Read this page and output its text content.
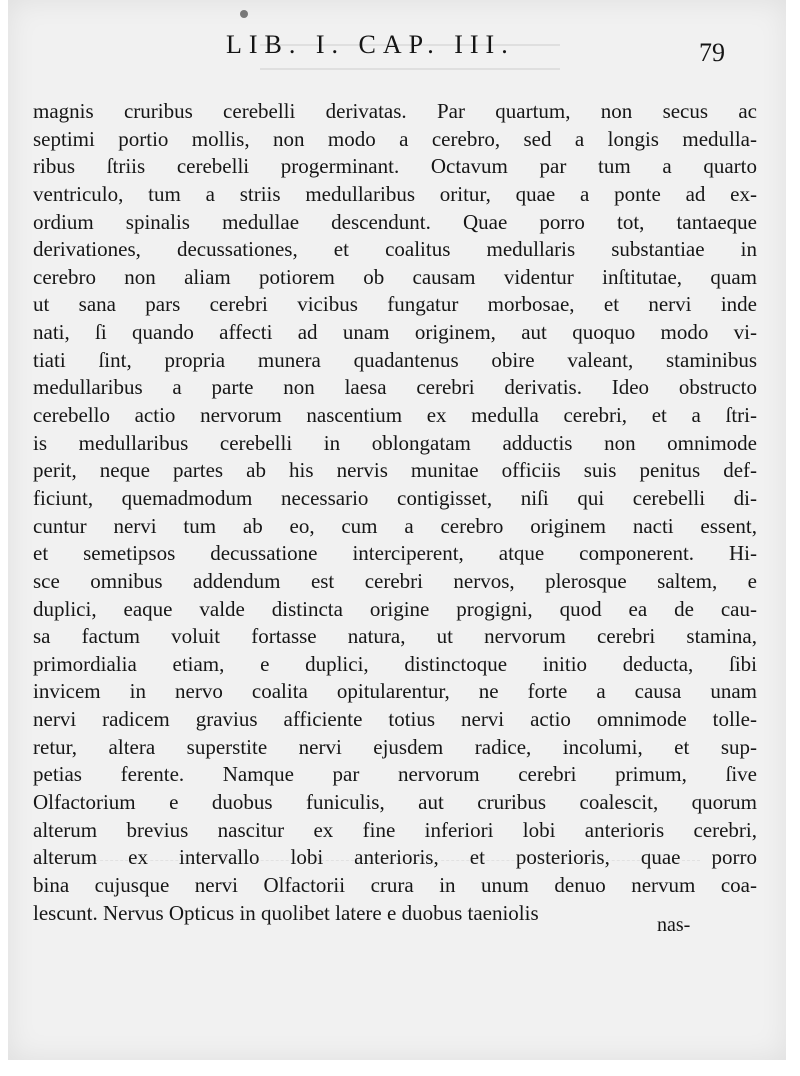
LIB. I. CAP. III.	79
magnis cruribus cerebelli derivatas. Par quartum, non secus ac
septimi portio mollis, non modo a cerebro, sed a longis medulla-
ribus ſtriis cerebelli progerminant. Octavum par tum a quarto
ventriculo, tum a striis medullaribus oritur, quae a ponte ad ex-
ordium spinalis medullae descendunt. Quae porro tot, tantaeque
derivationes, decussationes, et coalitus medullaris substantiae in
cerebro non aliam potiorem ob causam videntur inſtitutae, quam
ut sana pars cerebri vicibus fungatur morbosae, et nervi inde
nati, ſi quando affecti ad unam originem, aut quoquo modo vi-
tiati ſint, propria munera quadantenus obire valeant, staminibus
medullaribus a parte non laesa cerebri derivatis. Ideo obstructo
cerebello actio nervorum nascentium ex medulla cerebri, et a ſtri-
is medullaribus cerebelli in oblongatam adductis non omnimode
perit, neque partes ab his nervis munitae officiis suis penitus def-
ficiunt, quemadmodum necessario contigisset, niſi qui cerebelli di-
cuntur nervi tum ab eo, cum a cerebro originem nacti essent,
et semetipsos decussatione interciperent, atque componerent. Hi-
sce omnibus addendum est cerebri nervos, plerosque saltem, e
duplici, eaque valde distincta origine progigni, quod ea de cau-
sa factum voluit fortasse natura, ut nervorum cerebri stamina,
primordialia etiam, e duplici, distinctoque initio deducta, ſibi
invicem in nervo coalita opitularentur, ne forte a causa unam
nervi radicem gravius afficiente totius nervi actio omnimode tolle-
retur, altera superstite nervi ejusdem radice, incolumi, et sup-
petias ferente. Namque par nervorum cerebri primum, ſive
Olfactorium e duobus funiculis, aut cruribus coalescit, quorum
alterum brevius nascitur ex fine inferiori lobi anterioris cerebri,
alterum ex intervallo lobi anterioris, et posterioris, quae porro
bina cujusque nervi Olfactorii crura in unum denuo nervum coa-
lescunt. Nervus Opticus in quolibet latere e duobus taeniolis
nas-
